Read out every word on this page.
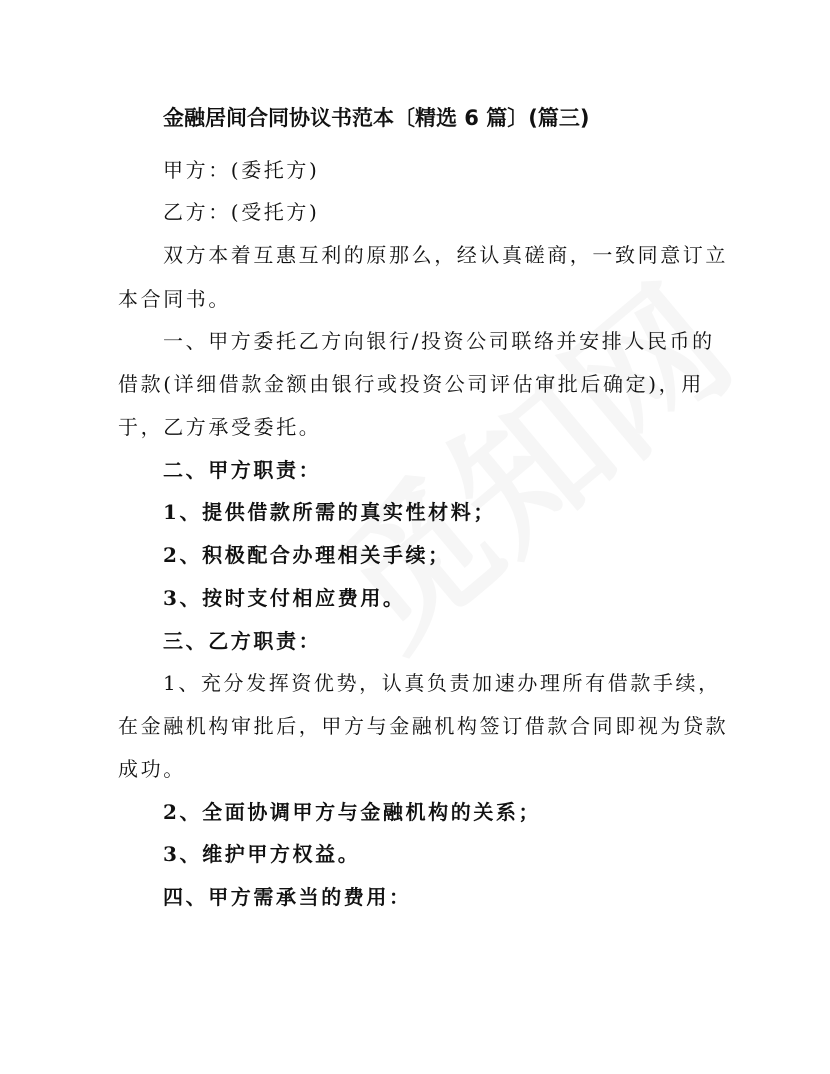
金融居间合同协议书范本〔精选 6 篇〕(篇三)
甲方：(委托方)
乙方：(受托方)
双方本着互惠互利的原那么，经认真磋商，一致同意订立
本合同书。
一、甲方委托乙方向银行/投资公司联络并安排人民币的
借款(详细借款金额由银行或投资公司评估审批后确定)，用
于，乙方承受委托。
二、甲方职责：
1、提供借款所需的真实性材料；
2、积极配合办理相关手续；
3、按时支付相应费用。
三、乙方职责：
1、充分发挥资优势，认真负责加速办理所有借款手续，
在金融机构审批后，甲方与金融机构签订借款合同即视为贷款
成功。
2、全面协调甲方与金融机构的关系；
3、维护甲方权益。
四、甲方需承当的费用：
